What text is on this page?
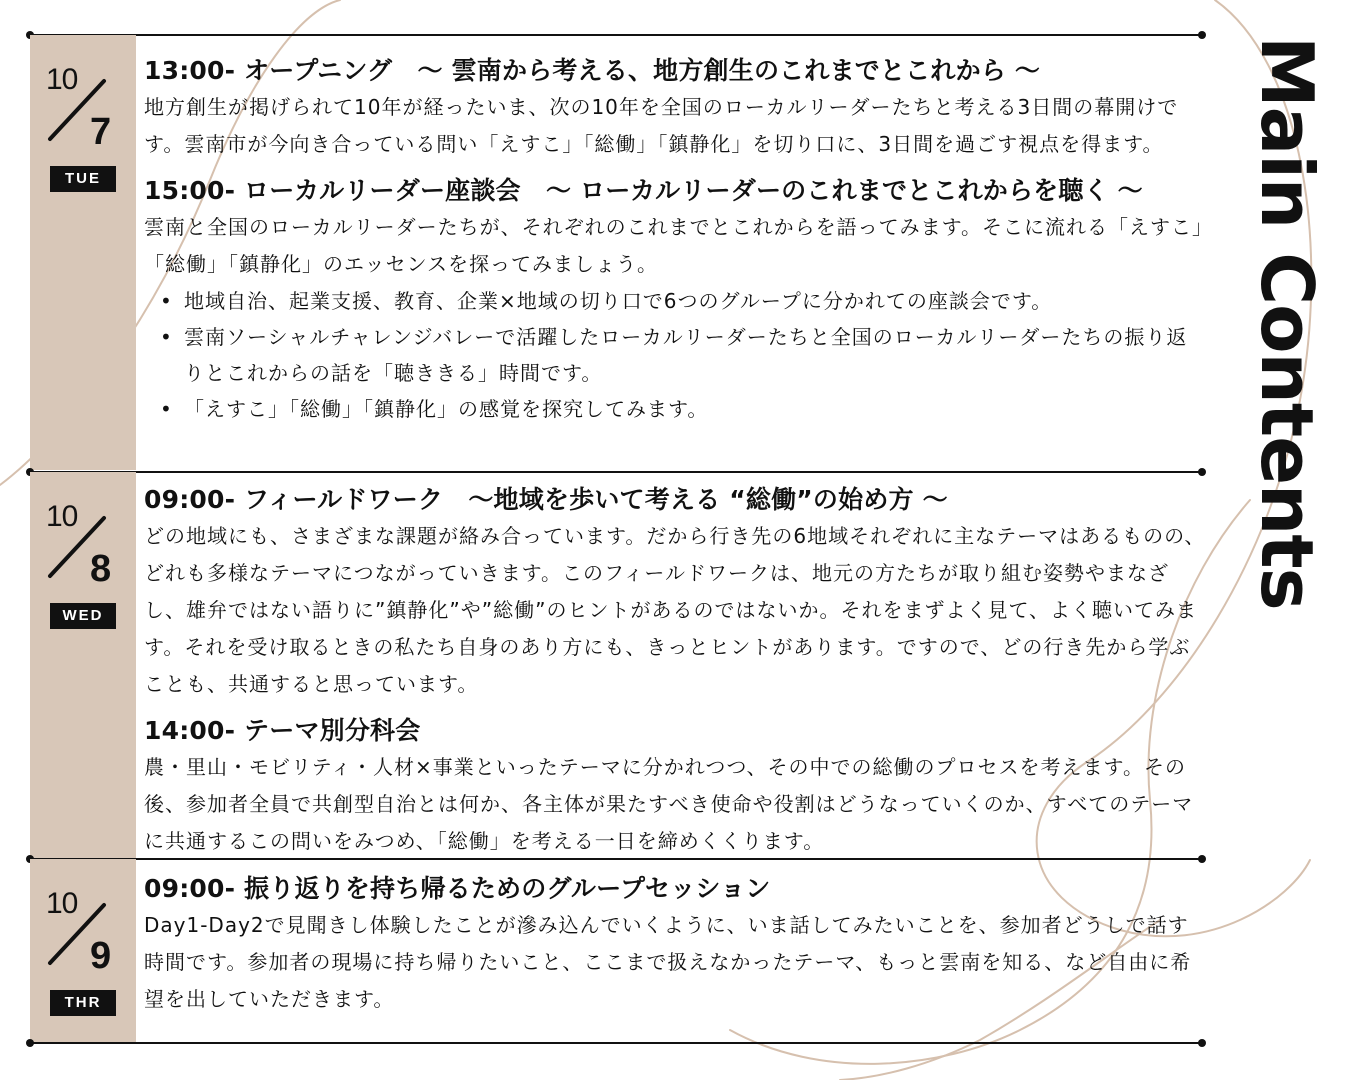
10
7
TUE
13:00- オープニング　～ 雲南から考える、地方創生のこれまでとこれから ～

地方創生が掲げられて10年が経ったいま、次の10年を全国のローカルリーダーたちと考える3日間の幕開けです。雲南市が今向き合っている問い「えすこ」「総働」「鎮静化」を切り口に、3日間を過ごす視点を得ます。

15:00- ローカルリーダー座談会　～ ローカルリーダーのこれまでとこれからを聴く ～

雲南と全国のローカルリーダーたちが、それぞれのこれまでとこれからを語ってみます。そこに流れる「えすこ」「総働」「鎮静化」のエッセンスを探ってみましょう。

• 地域自治、起業支援、教育、企業×地域の切り口で6つのグループに分かれての座談会です。
• 雲南ソーシャルチャレンジバレーで活躍したローカルリーダーたちと全国のローカルリーダーたちの振り返りとこれからの話を「聴ききる」時間です。
• 「えすこ」「総働」「鎮静化」の感覚を探究してみます。
10
8
WED
09:00- フィールドワーク　～地域を歩いて考える “総働”の始め方 ～

どの地域にも、さまざまな課題が絡み合っています。だから行き先の6地域それぞれに主なテーマはあるものの、どれも多様なテーマにつながっていきます。このフィールドワークは、地元の方たちが取り組む姿勢やまなざし、雄弁ではない語りに”鎮静化”や”総働”のヒントがあるのではないか。それをまずよく見て、よく聴いてみます。それを受け取るときの私たち自身のあり方にも、きっとヒントがあります。ですので、どの行き先から学ぶことも、共通すると思っています。

14:00- テーマ別分科会

農・里山・モビリティ・人材×事業といったテーマに分かれつつ、その中での総働のプロセスを考えます。その後、参加者全員で共創型自治とは何か、各主体が果たすべき使命や役割はどうなっていくのか、すべてのテーマに共通するこの問いをみつめ、「総働」を考える一日を締めくくります。

10
9
THR
09:00- 振り返りを持ち帰るためのグループセッション

Day1-Day2で見聞きし体験したことが滲み込んでいくように、いま話してみたいことを、参加者どうしで話す時間です。参加者の現場に持ち帰りたいこと、ここまで扱えなかったテーマ、もっと雲南を知る、など自由に希望を出していただきます。

Main Contents
